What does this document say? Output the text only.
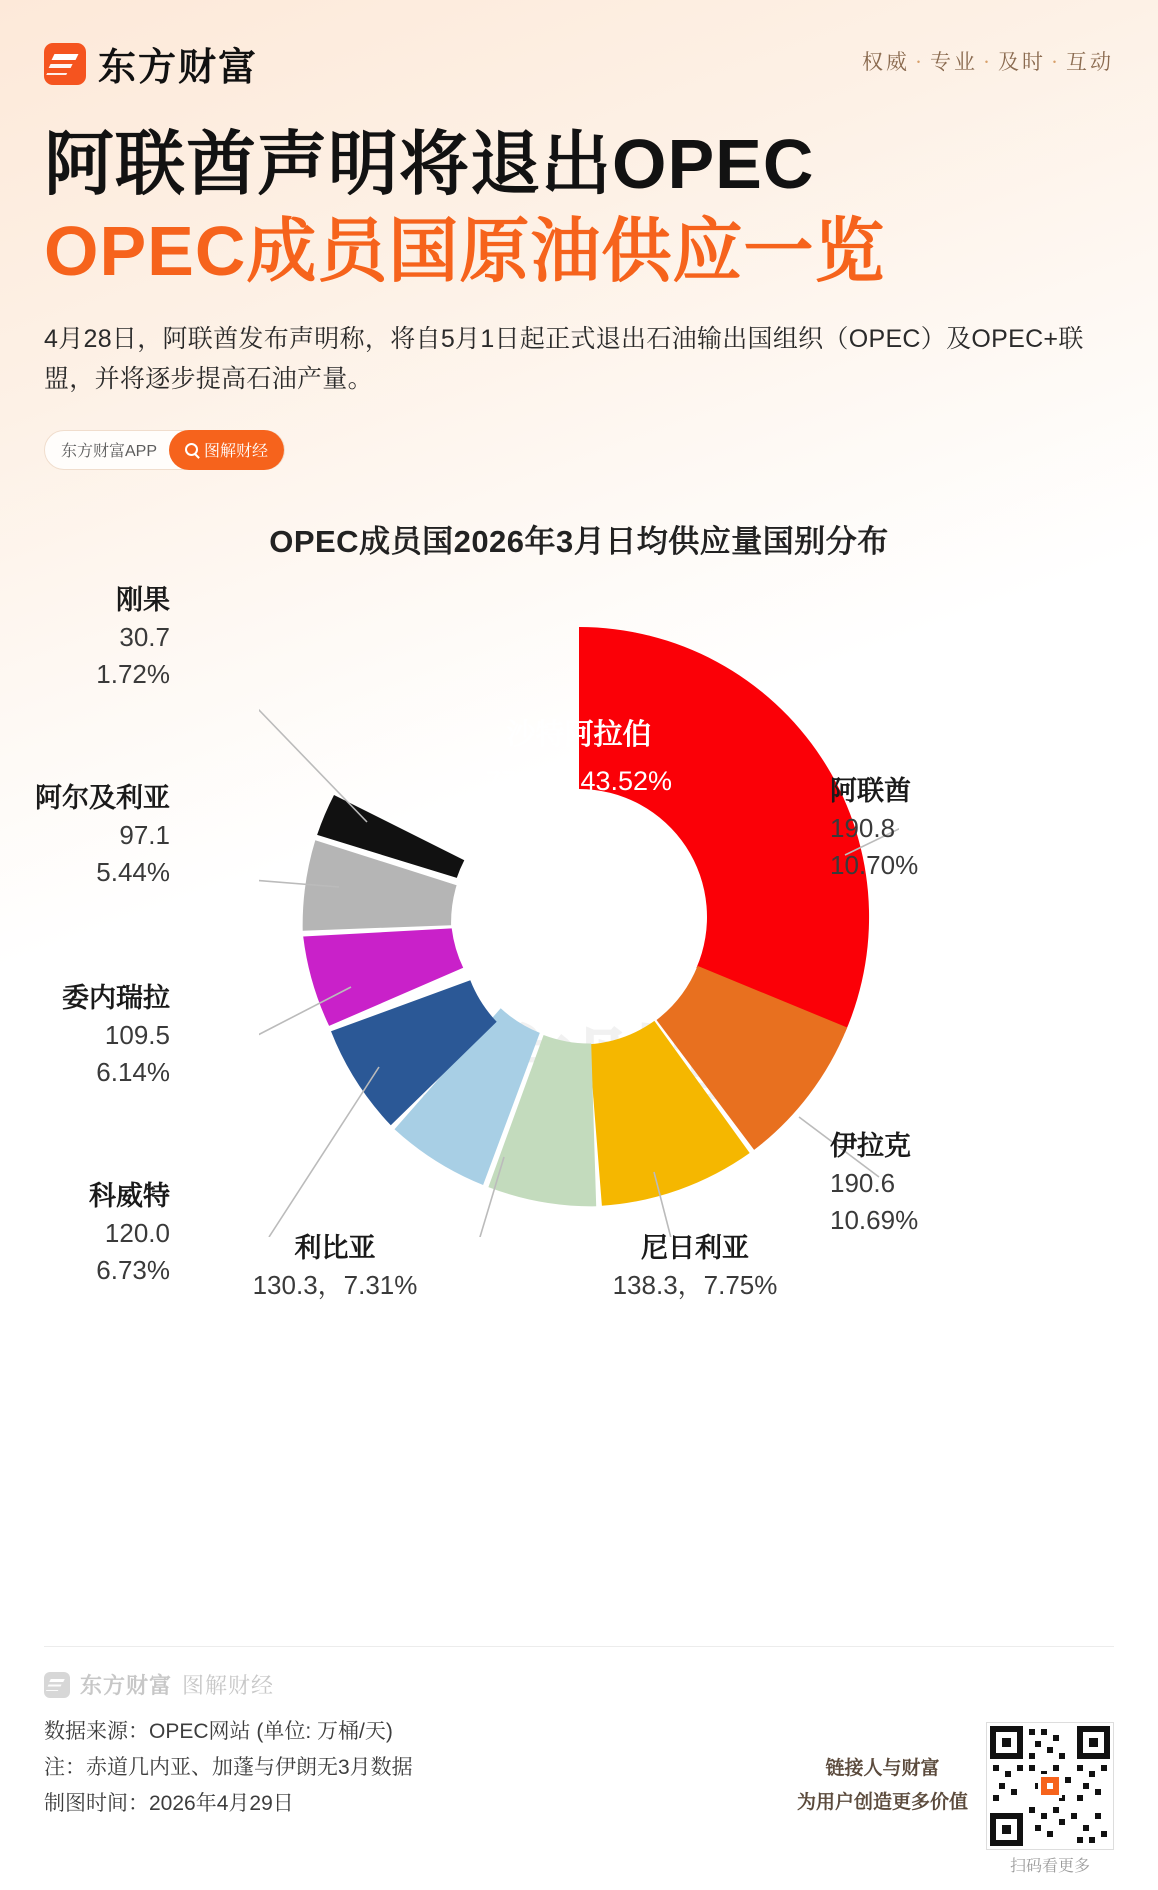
东方财富	权威 · 专业 · 及时 · 互动
阿联酋声明将退出OPEC
OPEC成员国原油供应一览
4月28日，阿联酋发布声明称，将自5月1日起正式退出石油输出国组织（OPEC）及OPEC+联盟，并将逐步提高石油产量。
东方财富APP	图解财经
OPEC成员国2026年3月日均供应量国别分布
沙特阿拉伯
776.3，43.52%
刚果
30.7
1.72%
阿尔及利亚
97.1
5.44%
委内瑞拉
109.5
6.14%
科威特
120.0
6.73%
利比亚
130.3，7.31%
尼日利亚
138.3，7.75%
伊拉克
190.6
10.69%
阿联酋
190.8
10.70%
东方财富 图解财经
数据来源：OPEC网站 (单位: 万桶/天)
注：赤道几内亚、加蓬与伊朗无3月数据
制图时间：2026年4月29日
链接人与财富
为用户创造更多价值
扫码看更多
